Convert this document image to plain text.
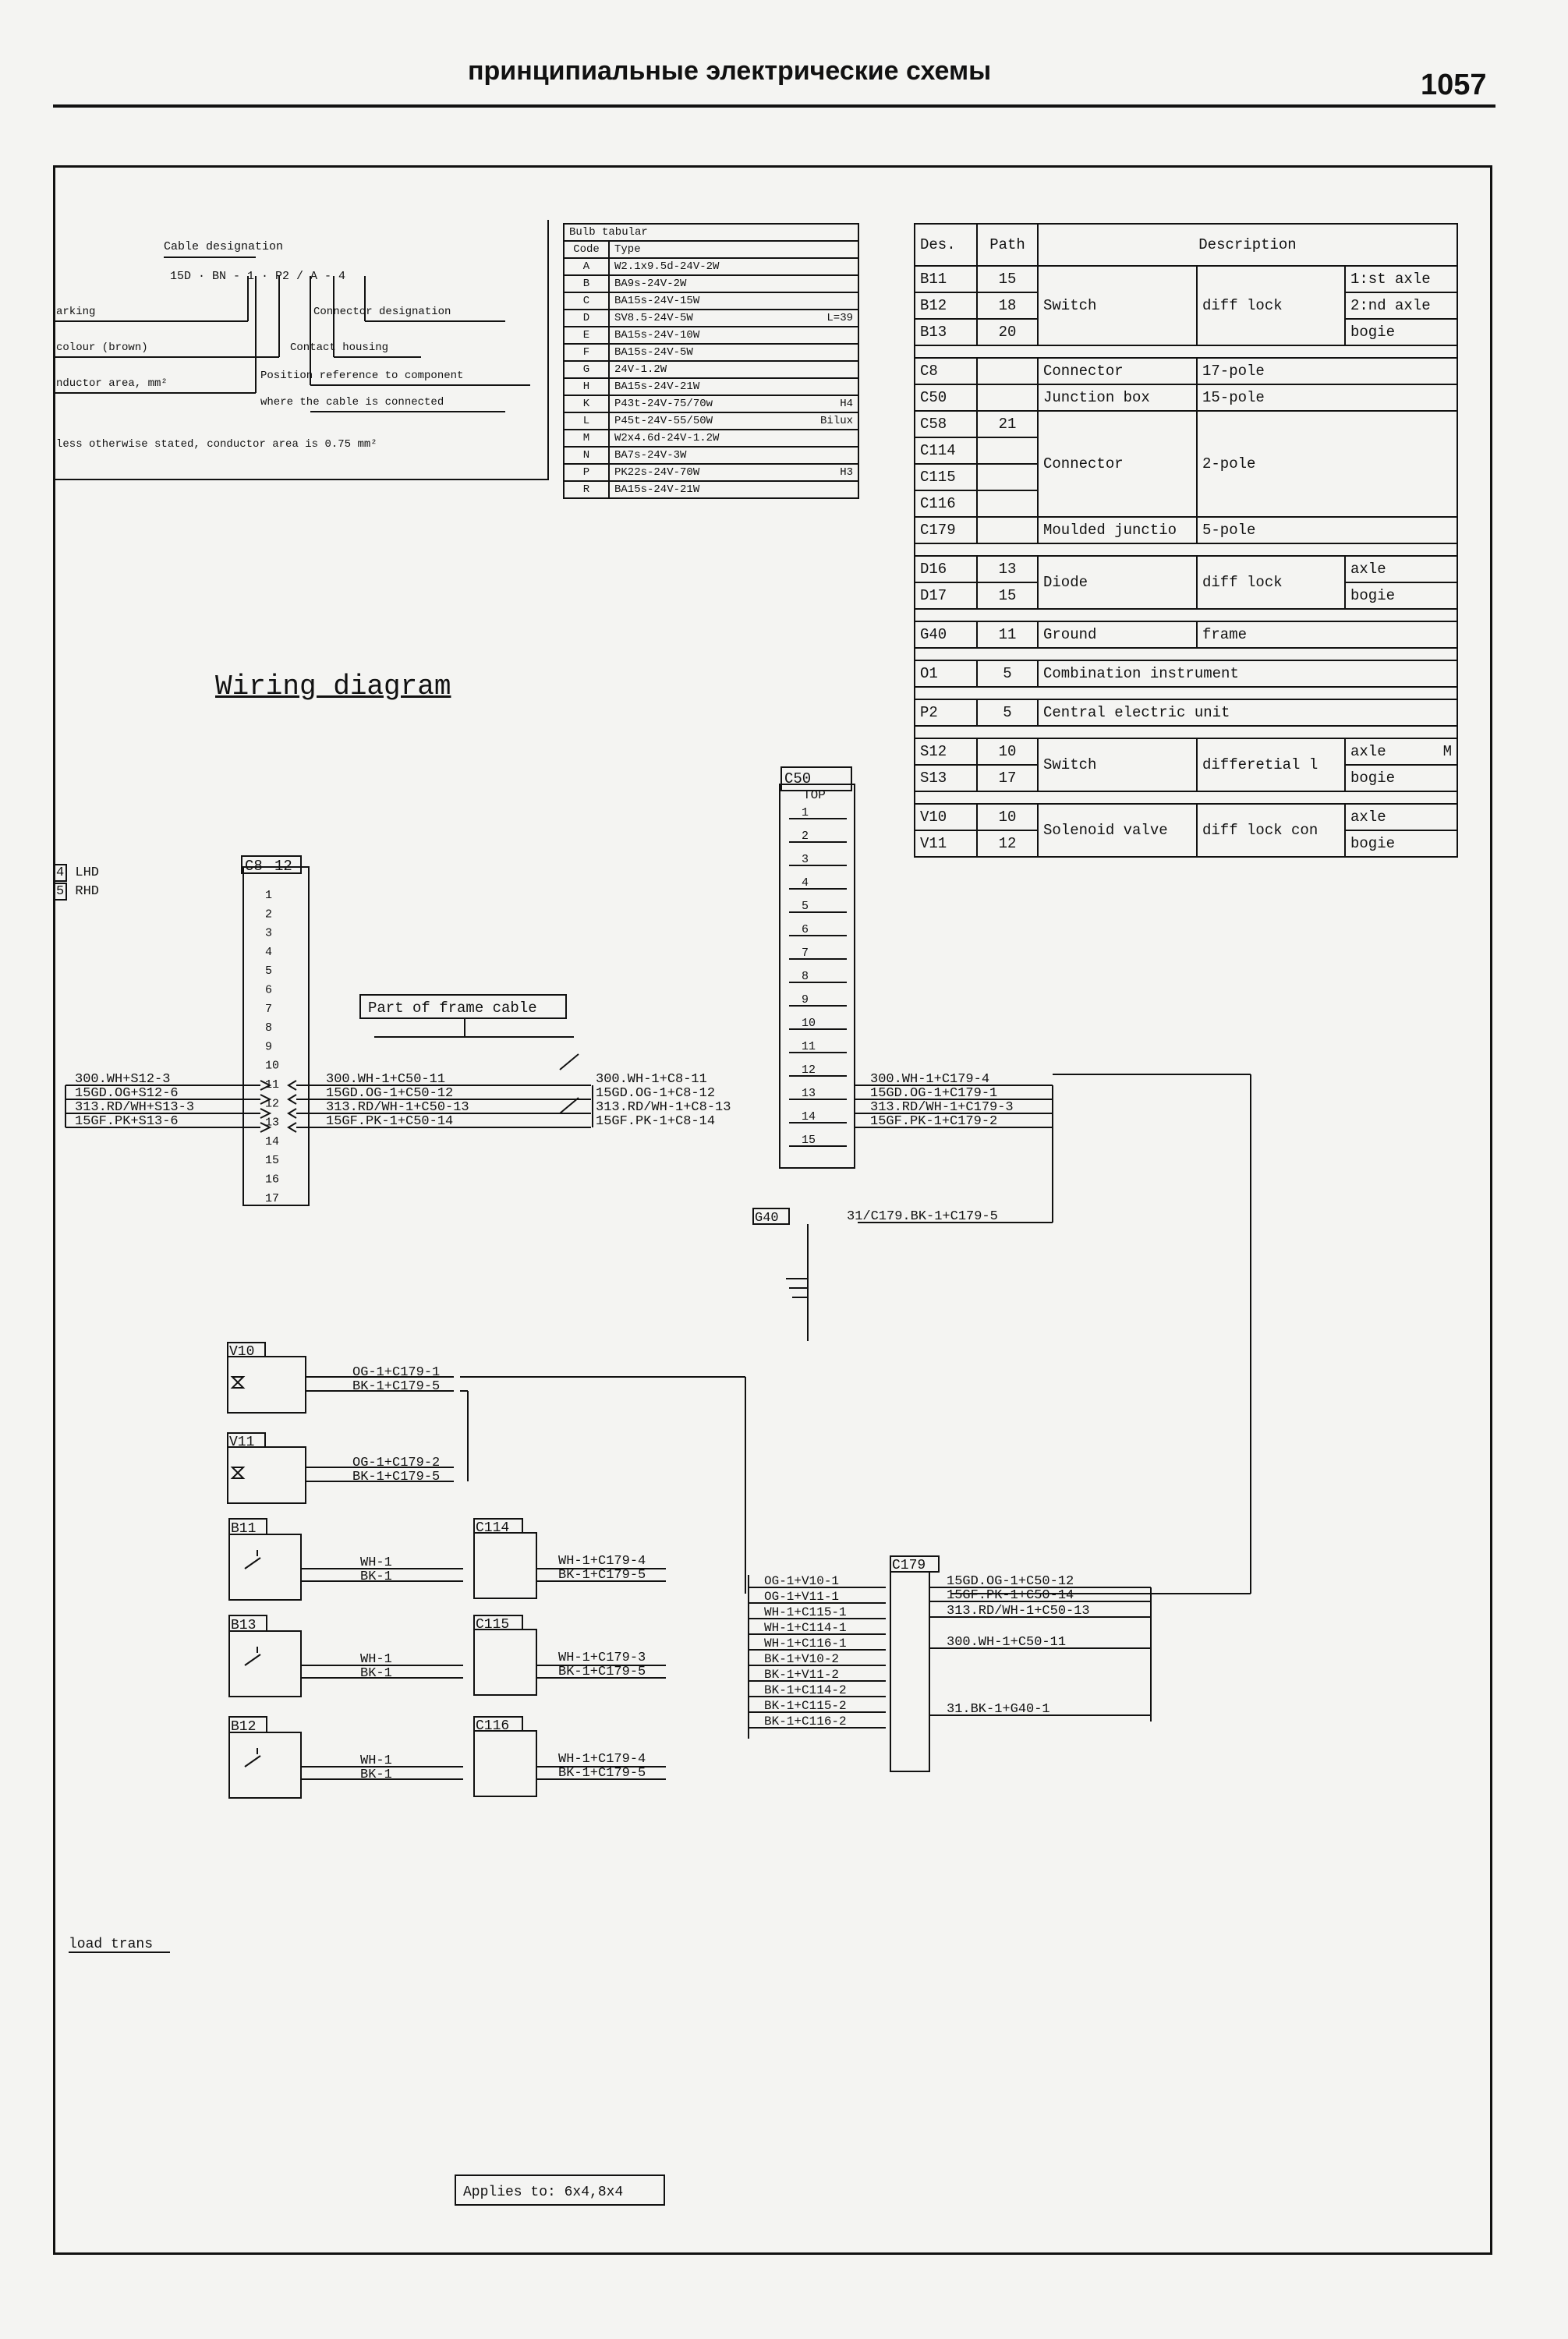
принципиальные электрические схемы	1057
Cable designation
15D · BN - 1 · P2 / A - 4
arking
colour (brown)
nductor area, mm²
Connector designation
Contact housing
Position reference to component
where the cable is connected
less otherwise stated, conductor area is 0.75 mm²
Bulb tabular	
Code	Type
A	W2.1x9.5d-24V-2W

B	BA9s-24V-2W

C	BA15s-24V-15W

D	SV8.5-24V-5W L=39

E	BA15s-24V-10W

F	BA15s-24V-5W

G	24V-1.2W

H	BA15s-24V-21W

K	P43t-24V-75/70w H4

L	P45t-24V-55/50W Bilux

M	W2x4.6d-24V-1.2W

N	BA7s-24V-3W

P	PK22s-24V-70W H3

R	BA15s-24V-21W
Des.	Path	Description		
B11	15	Switch	diff lock	1:st axle
B12	18			2:nd axle
B13	20			bogie

C8		Connector	17-pole	
C50		Junction box	15-pole	
C58	21	Connector	2-pole	
C114				
C115				
C116				
C179		Moulded junctio	5-pole	

D16	13	Diode	diff lock	axle
D17	15			bogie

G40	11	Ground	frame	

O1	5	Combination instrument		

P2	5	Central electric unit		

S12	10	Switch	differetial l	axle M

S13	17			bogie

V10	10	Solenoid valve	diff lock con	axle
V11	12			bogie
Wiring diagram
4 LHD
5 RHD
C8 12
1
2
3
4
5
6
7
8
9
10
11
12
13
14
15
16
17
300.WH+S12-3
15GD.OG+S12-6
313.RD/WH+S13-3
15GF.PK+S13-6
300.WH-1+C50-11
15GD.OG-1+C50-12
313.RD/WH-1+C50-13
15GF.PK-1+C50-14
Part of frame cable
C50
TOP
1
2
3
4
5
6
7
8
9
10
11
12
13
14
15
300.WH-1+C8-11
15GD.OG-1+C8-12
313.RD/WH-1+C8-13
15GF.PK-1+C8-14
300.WH-1+C179-4
15GD.OG-1+C179-1
313.RD/WH-1+C179-3
15GF.PK-1+C179-2
G40	31/C179.BK-1+C179-5
V10
OG-1+C179-1
BK-1+C179-5
V11
OG-1+C179-2
BK-1+C179-5
B11
WH-1
BK-1
C114
WH-1+C179-4
BK-1+C179-5
B13
WH-1
BK-1
C115
WH-1+C179-3
BK-1+C179-5
B12
WH-1
BK-1
C116
WH-1+C179-4
BK-1+C179-5
C179
OG-1+V10-1
OG-1+V11-1
WH-1+C115-1
WH-1+C114-1
WH-1+C116-1
BK-1+V10-2
BK-1+V11-2
BK-1+C114-2
BK-1+C115-2
BK-1+C116-2
15GD.OG-1+C50-12
15GF.PK-1+C50-14
313.RD/WH-1+C50-13
300.WH-1+C50-11
31.BK-1+G40-1
load trans
Applies to: 6x4,8x4
